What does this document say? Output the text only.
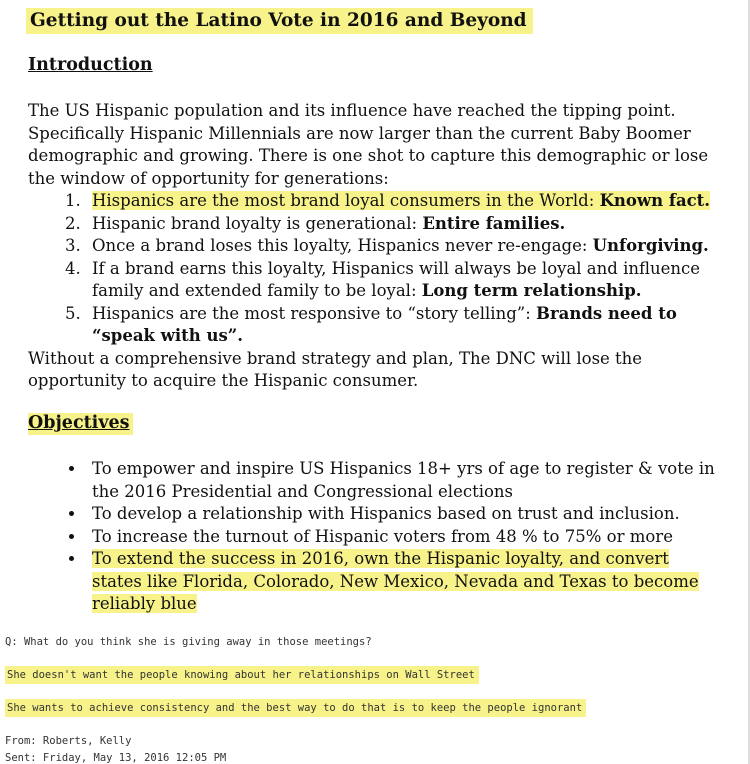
Getting out the Latino Vote in 2016 and Beyond
Introduction

The US Hispanic population and its influence have reached the tipping point. Specifically Hispanic Millennials are now larger than the current Baby Boomer demographic and growing. There is one shot to capture this demographic or lose the window of opportunity for generations:

1. Hispanics are the most brand loyal consumers in the World: Known fact.
2. Hispanic brand loyalty is generational: Entire families.
3. Once a brand loses this loyalty, Hispanics never re-engage: Unforgiving.
4. If a brand earns this loyalty, Hispanics will always be loyal and influence family and extended family to be loyal: Long term relationship.
5. Hispanics are the most responsive to “story telling”: Brands need to “speak with us”.

Without a comprehensive brand strategy and plan, The DNC will lose the opportunity to acquire the Hispanic consumer.

Objectives
• To empower and inspire US Hispanics 18+ yrs of age to register & vote in the 2016 Presidential and Congressional elections
• To develop a relationship with Hispanics based on trust and inclusion.
• To increase the turnout of Hispanic voters from 48 % to 75% or more
• To extend the success in 2016, own the Hispanic loyalty, and convert states like Florida, Colorado, New Mexico, Nevada and Texas to become reliably blue
Q: What do you think she is giving away in those meetings?
She doesn't want the people knowing about her relationships on Wall Street
She wants to achieve consistency and the best way to do that is to keep the people ignorant
From: Roberts, Kelly
Sent: Friday, May 13, 2016 12:05 PM
